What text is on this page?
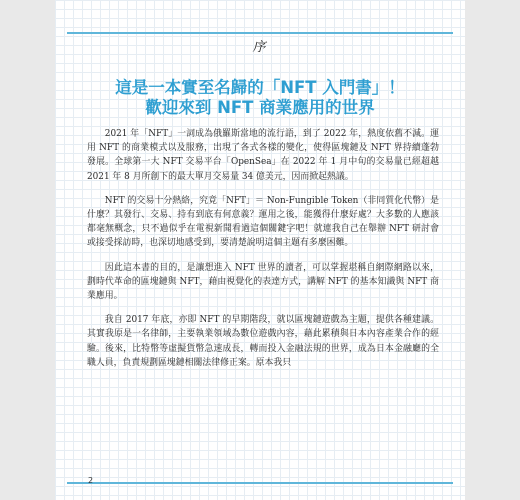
序
這是一本實至名歸的「NFT 入門書」！
歡迎來到 NFT 商業應用的世界

2021 年「NFT」一詞成為俄羅斯當地的流行語，到了 2022 年，熱度依舊不減。運用 NFT 的商業模式以及服務，出現了各式各樣的變化，使得區塊鏈及 NFT 界持續蓬勃發展。全球第一大 NFT 交易平台「OpenSea」在 2022 年 1 月中旬的交易量已經超越 2021 年 8 月所創下的最大單月交易量 34 億美元，因而掀起熱議。

NFT 的交易十分熱絡，究竟「NFT」＝ Non-Fungible Token（非同質化代幣）是什麼？其發行、交易、持有到底有何意義？運用之後，能獲得什麼好處？大多數的人應該都毫無概念，只不過似乎在電視新聞看過這個關鍵字吧！就連我自己在舉辦 NFT 研討會或接受採訪時，也深切地感受到，要清楚說明這個主題有多麼困難。

因此這本書的目的，是讓想進入 NFT 世界的讀者，可以掌握堪稱自網際網路以來，劃時代革命的區塊鏈與 NFT，藉由視覺化的表達方式，講解 NFT 的基本知識與 NFT 商業應用。

我自 2017 年底，亦即 NFT 的早期階段，就以區塊鏈遊戲為主題，提供各種建議。其實我原是一名律師，主要執業領域為數位遊戲內容，藉此累積與日本內容產業合作的經驗。後來，比特幣等虛擬貨幣急速成長，轉而投入金融法規的世界，成為日本金融廳的全職人員，負責規劃區塊鏈相關法律修正案。原本我只

2
